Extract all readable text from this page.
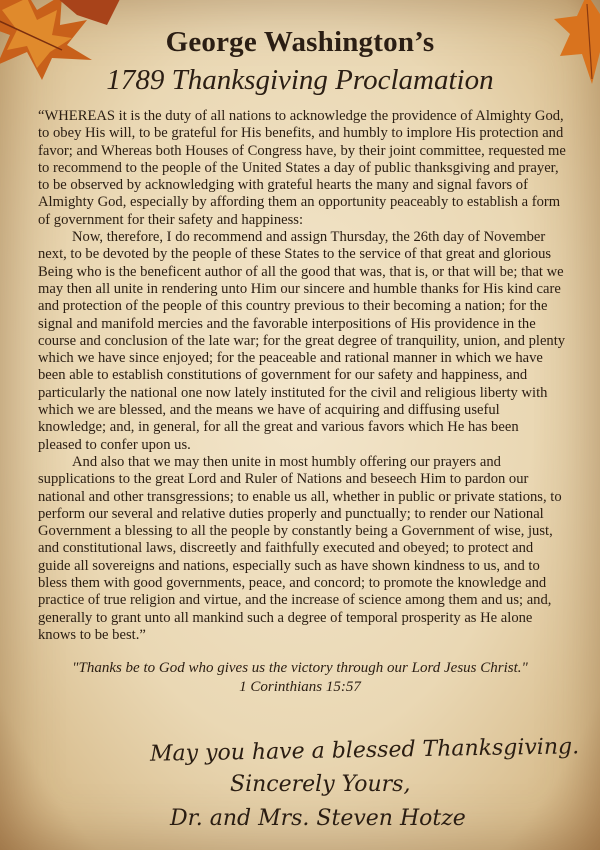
George Washington’s
1789 Thanksgiving Proclamation

“WHEREAS it is the duty of all nations to acknowledge the providence of Almighty God, to obey His will, to be grateful for His benefits, and humbly to implore His protection and favor; and Whereas both Houses of Congress have, by their joint committee, requested me to recommend to the people of the United States a day of public thanksgiving and prayer, to be observed by acknowledging with grateful hearts the many and signal favors of Almighty God, especially by affording them an opportunity peaceably to establish a form of government for their safety and happiness:

Now, therefore, I do recommend and assign Thursday, the 26th day of November next, to be devoted by the people of these States to the service of that great and glorious Being who is the beneficent author of all the good that was, that is, or that will be; that we may then all unite in rendering unto Him our sincere and humble thanks for His kind care and protection of the people of this country previous to their becoming a nation; for the signal and manifold mercies and the favorable interpositions of His providence in the course and conclusion of the late war; for the great degree of tranquility, union, and plenty which we have since enjoyed; for the peaceable and rational manner in which we have been able to establish constitutions of government for our safety and happiness, and particularly the national one now lately instituted for the civil and religious liberty with which we are blessed, and the means we have of acquiring and diffusing useful knowledge; and, in general, for all the great and various favors which He has been pleased to confer upon us.

And also that we may then unite in most humbly offering our prayers and supplications to the great Lord and Ruler of Nations and beseech Him to pardon our national and other transgressions; to enable us all, whether in public or private stations, to perform our several and relative duties properly and punctually; to render our National Government a blessing to all the people by constantly being a Government of wise, just, and constitutional laws, discreetly and faithfully executed and obeyed; to protect and guide all sovereigns and nations, especially such as have shown kindness to us, and to bless them with good governments, peace, and concord; to promote the knowledge and practice of true religion and virtue, and the increase of science among them and us; and, generally to grant unto all mankind such a degree of temporal prosperity as He alone knows to be best.”

"Thanks be to God who gives us the victory through our Lord Jesus Christ."
1 Corinthians 15:57
May you have a blessed Thanksgiving.
Sincerely Yours,
Dr. and Mrs. Steven Hotze
